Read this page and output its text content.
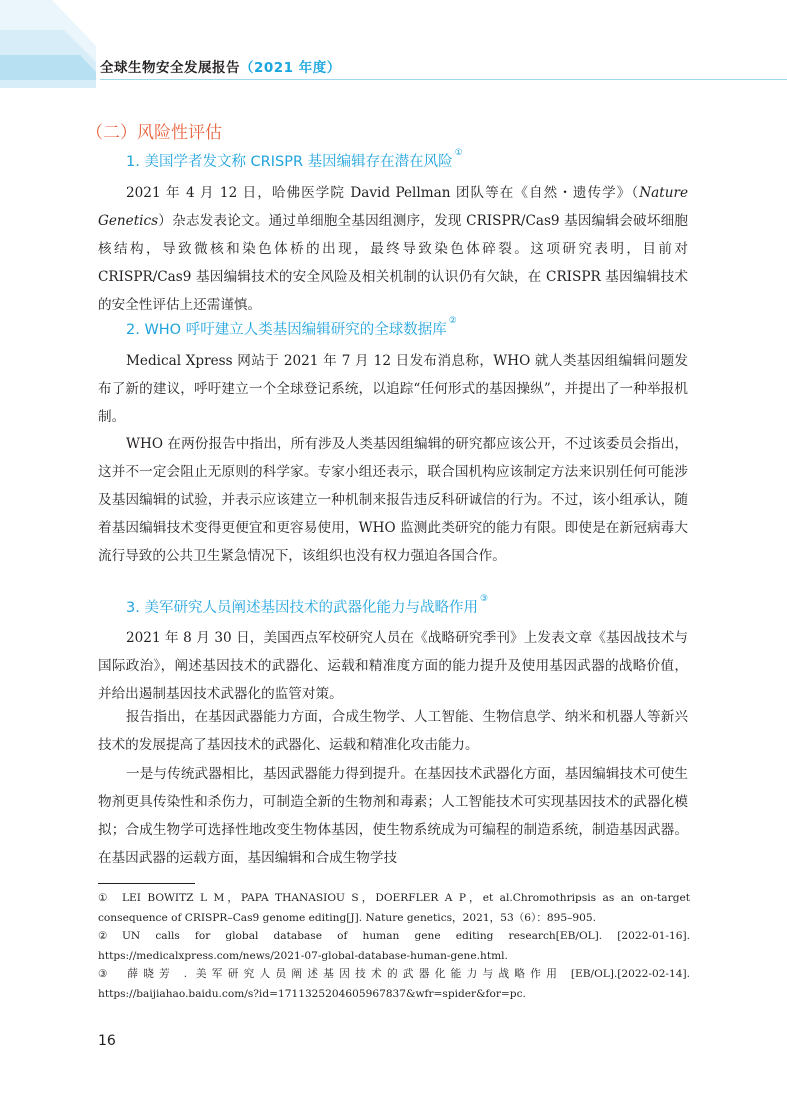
全球生物安全发展报告（2021 年度）
（二）风险性评估
1. 美国学者发文称 CRISPR 基因编辑存在潜在风险①
2021 年 4 月 12 日，哈佛医学院 David Pellman 团队等在《自然・遗传学》（Nature Genetics）杂志发表论文。通过单细胞全基因组测序，发现 CRISPR/Cas9 基因编辑会破坏细胞核结构，导致微核和染色体桥的出现，最终导致染色体碎裂。这项研究表明，目前对 CRISPR/Cas9 基因编辑技术的安全风险及相关机制的认识仍有欠缺，在 CRISPR 基因编辑技术的安全性评估上还需谨慎。
2. WHO 呼吁建立人类基因编辑研究的全球数据库②
Medical Xpress 网站于 2021 年 7 月 12 日发布消息称，WHO 就人类基因组编辑问题发布了新的建议，呼吁建立一个全球登记系统，以追踪“任何形式的基因操纵”，并提出了一种举报机制。
WHO 在两份报告中指出，所有涉及人类基因组编辑的研究都应该公开，不过该委员会指出，这并不一定会阻止无原则的科学家。专家小组还表示，联合国机构应该制定方法来识别任何可能涉及基因编辑的试验，并表示应该建立一种机制来报告违反科研诚信的行为。不过，该小组承认，随着基因编辑技术变得更便宜和更容易使用，WHO 监测此类研究的能力有限。即使是在新冠病毒大流行导致的公共卫生紧急情况下，该组织也没有权力强迫各国合作。
3. 美军研究人员阐述基因技术的武器化能力与战略作用③
2021 年 8 月 30 日，美国西点军校研究人员在《战略研究季刊》上发表文章《基因战技术与国际政治》，阐述基因技术的武器化、运载和精准度方面的能力提升及使用基因武器的战略价值，并给出遏制基因技术武器化的监管对策。
报告指出，在基因武器能力方面，合成生物学、人工智能、生物信息学、纳米和机器人等新兴技术的发展提高了基因技术的武器化、运载和精准化攻击能力。
一是与传统武器相比，基因武器能力得到提升。在基因技术武器化方面，基因编辑技术可使生物剂更具传染性和杀伤力，可制造全新的生物剂和毒素；人工智能技术可实现基因技术的武器化模拟；合成生物学可选择性地改变生物体基因，使生物系统成为可编程的制造系统，制造基因武器。在基因武器的运载方面，基因编辑和合成生物学技
① LEI BOWITZ L M，PAPA THANASIOU S，DOERFLER A P，et al.Chromothripsis as an on-target consequence of CRISPR–Cas9 genome editing[J]. Nature genetics，2021，53（6）：895–905.
② UN calls for global database of human gene editing research[EB/OL]. [2022-01-16]. https://medicalxpress.com/news/2021-07-global-database-human-gene.html.
③ 薛晓芳 . 美军研究人员阐述基因技术的武器化能力与战略作用 [EB/OL].[2022-02-14]. https://baijiahao.baidu.com/s?id=1711325204605967837&wfr=spider&for=pc.
16
